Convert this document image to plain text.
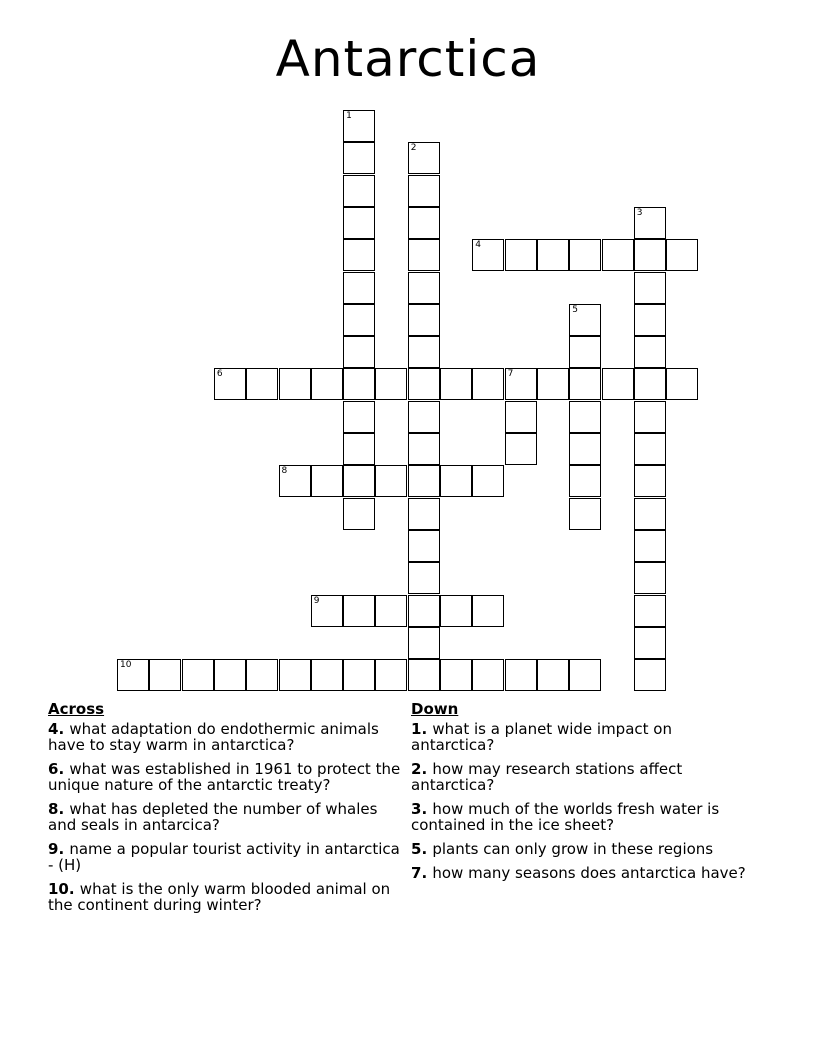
Antarctica
4
6	7
8
9
10
1
2
3
5
Across
4. what adaptation do endothermic animals have to stay warm in antarctica?
6. what was established in 1961 to protect the unique nature of the antarctic treaty?
8. what has depleted the number of whales and seals in antarcica?
9. name a popular tourist activity in antarctica - (H)
10. what is the only warm blooded animal on the continent during winter?
Down
1. what is a planet wide impact on antarctica?
2. how may research stations affect antarctica?
3. how much of the worlds fresh water is contained in the ice sheet?
5. plants can only grow in these regions
7. how many seasons does antarctica have?
